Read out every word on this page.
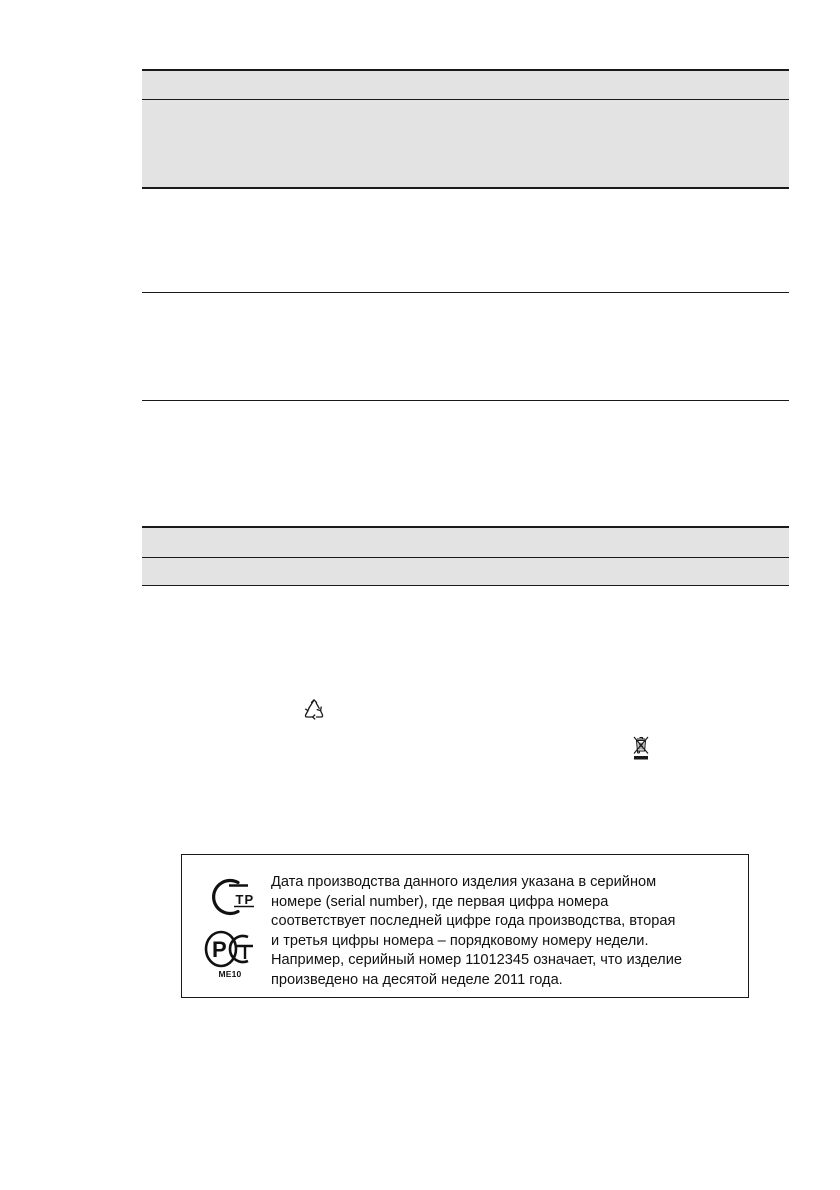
Т Р
Р
МЕ10
Дата производства данного изделия указана в серийном
номере (serial number), где первая цифра номера
соответствует последней цифре года производства, вторая
и третья цифры номера – порядковому номеру недели.
Например, серийный номер 11012345 означает, что изделие
произведено на десятой неделе 2011 года.
